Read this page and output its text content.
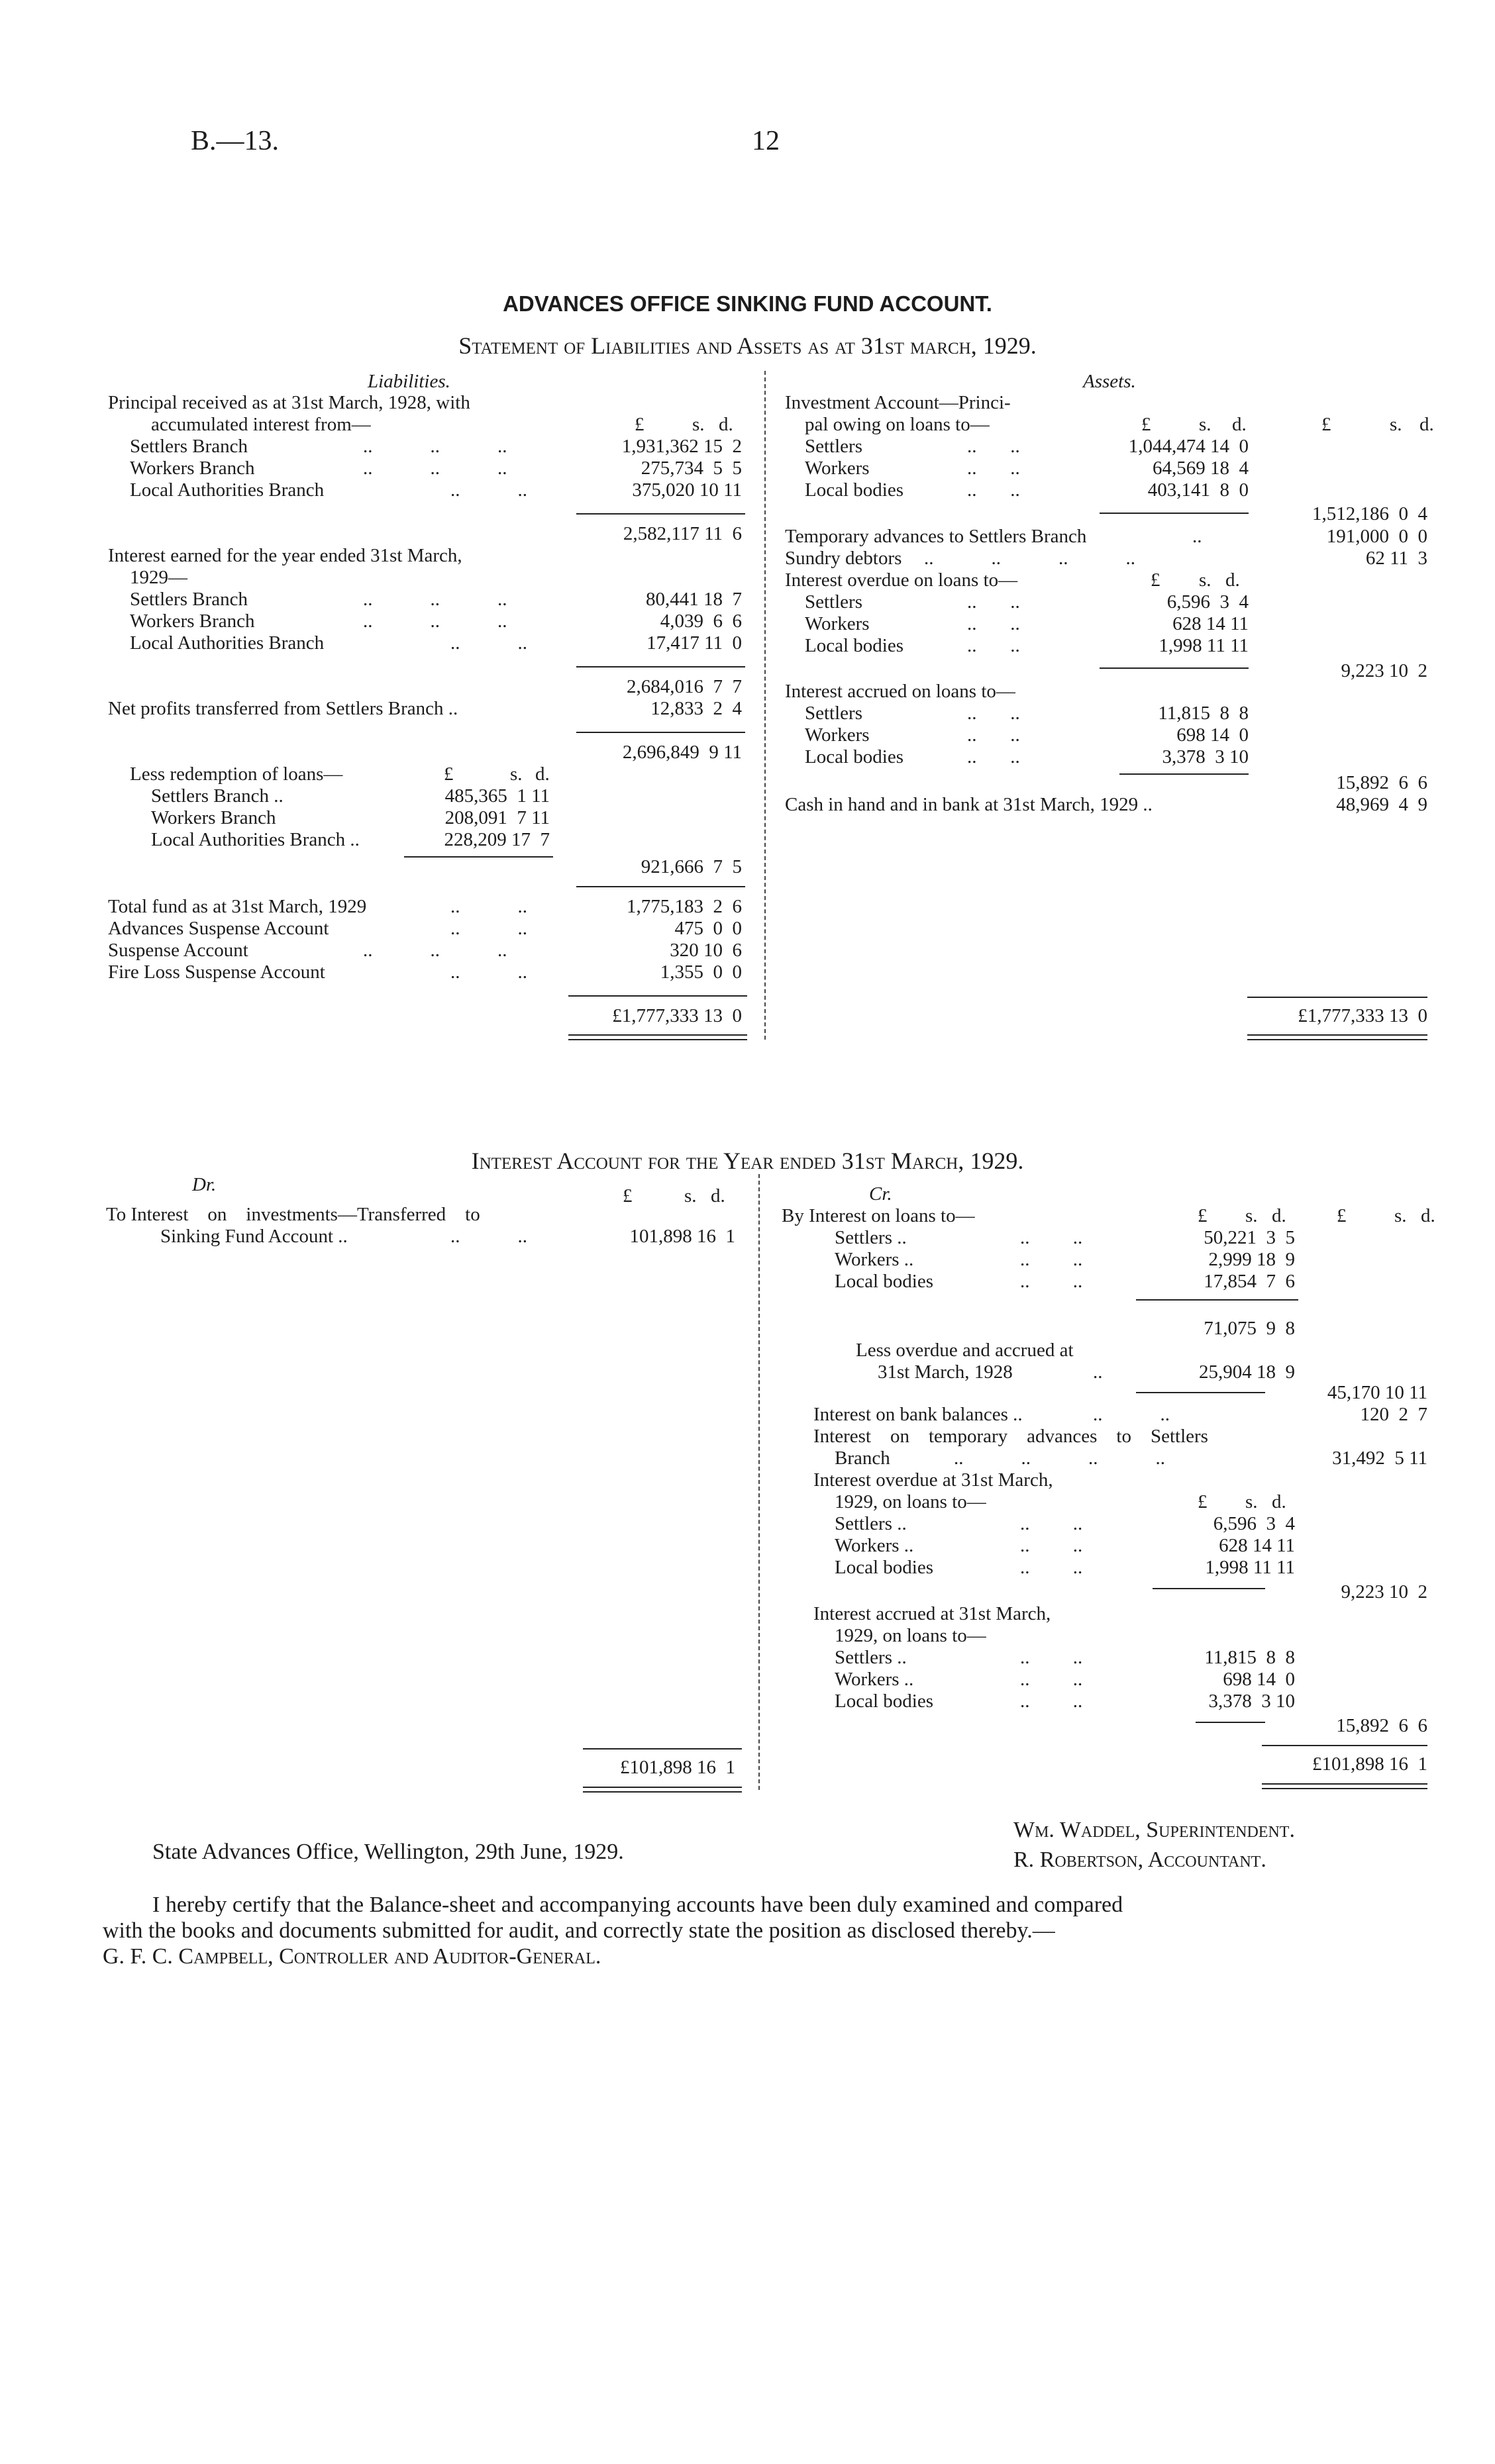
B.—13.	12
ADVANCES OFFICE SINKING FUND ACCOUNT.
Statement of Liabilities and Assets as at 31st march, 1929.
Liabilities.	Assets.
Principal received as at 31st March, 1928, with
accumulated interest from—	£	s. d.
Settlers Branch	..            ..            ..	1,931,362 15  2
Workers Branch	..            ..            ..	275,734  5  5
Local Authorities Branch	..            ..	375,020 10 11
2,582,117 11  6
Interest earned for the year ended 31st March,
1929—
Settlers Branch	..            ..            ..	80,441 18  7
Workers Branch	..            ..            ..	4,039  6  6
Local Authorities Branch	..            ..	17,417 11  0
2,684,016  7  7
Net profits transferred from Settlers Branch ..	12,833  2  4
2,696,849  9 11
Less redemption of loans—	£	s. d.
Settlers Branch ..	485,365  1 11
Workers Branch	208,091  7 11
Local Authorities Branch ..	228,209 17  7
921,666  7  5
Total fund as at 31st March, 1929	..            ..	1,775,183  2  6
Advances Suspense Account	..            ..	475  0  0
Suspense Account	..            ..            ..	320 10  6
Fire Loss Suspense Account	..            ..	1,355  0  0
£1,777,333 13  0
Investment Account—Princi-
pal owing on loans to—	£	s. d.	£	s. d.
Settlers	..       ..	1,044,474 14  0
Workers	..       ..	64,569 18  4
Local bodies	..       ..	403,141  8  0
1,512,186  0  4
Temporary advances to Settlers Branch	..	191,000  0  0
Sundry debtors ..            ..            ..            ..	62 11  3
Interest overdue on loans to—	£ s. d.
Settlers	..       ..	6,596  3  4
Workers	..       ..	628 14 11
Local bodies	..       ..	1,998 11 11
9,223 10  2
Interest accrued on loans to—
Settlers	..       ..	11,815  8  8
Workers	..       ..	698 14  0
Local bodies	..       ..	3,378  3 10
15,892  6  6
Cash in hand and in bank at 31st March, 1929 ..	48,969  4  9
£1,777,333 13  0
Interest Account for the Year ended 31st March, 1929.
Dr.	Cr.
£	s. d.
To Interest    on    investments—Transferred    to
Sinking Fund Account ..	..            ..	101,898 16  1
£101,898 16  1
By Interest on loans to—	£ s. d.	£	s. d.
Settlers ..	..         ..	50,221  3  5
Workers ..	..         ..	2,999 18  9
Local bodies	..         ..	17,854  7  6
71,075  9  8
Less overdue and accrued at
31st March, 1928	..	25,904 18  9
45,170 10 11
Interest on bank balances ..	..            ..	120  2  7
Interest    on    temporary    advances    to    Settlers
Branch	..            ..            ..            ..	31,492  5 11
Interest overdue at 31st March,
1929, on loans to—	£ s. d.
Settlers ..	..         ..	6,596  3  4
Workers ..	..         ..	628 14 11
Local bodies	..         ..	1,998 11 11
9,223 10  2
Interest accrued at 31st March,
1929, on loans to—
Settlers ..	..         ..	11,815  8  8
Workers ..	..         ..	698 14  0
Local bodies	..         ..	3,378  3 10
15,892  6  6
£101,898 16  1
State Advances Office, Wellington, 29th June, 1929.
Wm. Waddel, Superintendent.
R. Robertson, Accountant.
I hereby certify that the Balance-sheet and accompanying accounts have been duly examined and compared
with the books and documents submitted for audit, and correctly state the position as disclosed thereby.—
G. F. C. Campbell, Controller and Auditor-General.
